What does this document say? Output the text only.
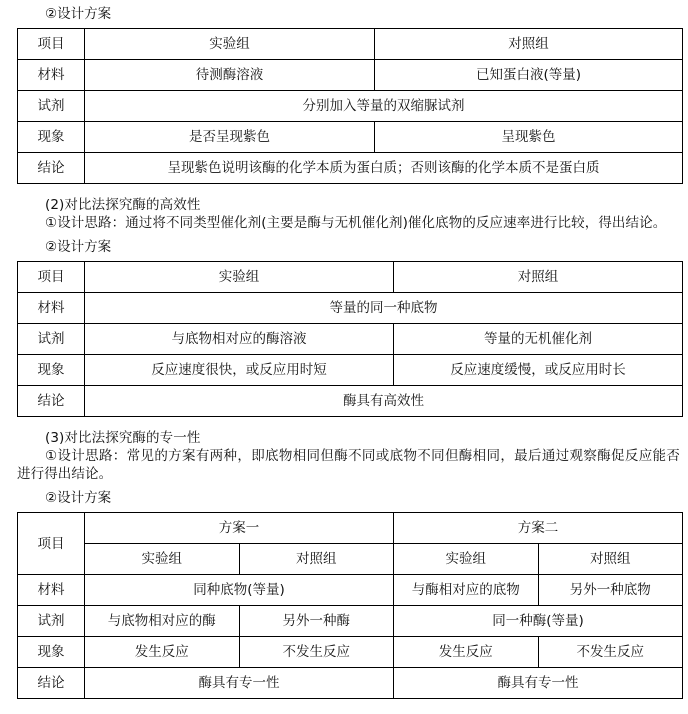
②设计方案

项目	实验组	对照组
材料	待测酶溶液	已知蛋白液(等量)
试剂	分别加入等量的双缩脲试剂	
现象	是否呈现紫色	呈现紫色
结论	呈现紫色说明该酶的化学本质为蛋白质；否则该酶的化学本质不是蛋白质	

(2)对比法探究酶的高效性

①设计思路：通过将不同类型催化剂(主要是酶与无机催化剂)催化底物的反应速率进行比较，得出结论。

②设计方案

项目	实验组	对照组
材料	等量的同一种底物	
试剂	与底物相对应的酶溶液	等量的无机催化剂
现象	反应速度很快，或反应用时短	反应速度缓慢，或反应用时长
结论	酶具有高效性	

(3)对比法探究酶的专一性

①设计思路：常见的方案有两种，即底物相同但酶不同或底物不同但酶相同，最后通过观察酶促反应能否进行得出结论。

②设计方案

项目	方案一		方案二	
	实验组	对照组	实验组	对照组
材料	同种底物(等量)		与酶相对应的底物	另外一种底物
试剂	与底物相对应的酶	另外一种酶	同一种酶(等量)	
现象	发生反应	不发生反应	发生反应	不发生反应
结论	酶具有专一性		酶具有专一性	
